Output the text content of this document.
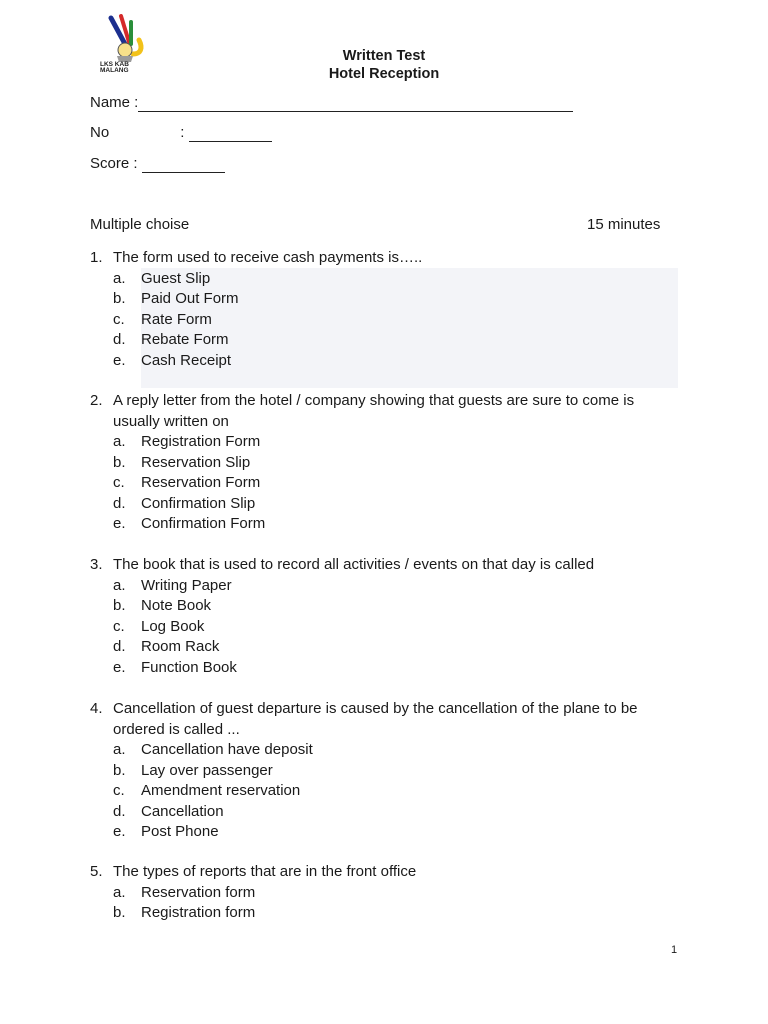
LKS KAB
MALANG
Written Test
Hotel Reception
Name :
No	:
Score :
Multiple choise	15 minutes
1. The form used to receive cash payments is…..
a. Guest Slip
b. Paid Out Form
c. Rate Form
d. Rebate Form
e. Cash Receipt
2. A reply letter from the hotel / company showing that guests are sure to come is usually written on
a. Registration Form
b. Reservation Slip
c. Reservation Form
d. Confirmation Slip
e. Confirmation Form
3. The book that is used to record all activities / events on that day is called
a. Writing Paper
b. Note Book
c. Log Book
d. Room Rack
e. Function Book
4. Cancellation of guest departure is caused by the cancellation of the plane to be ordered is called ...
a. Cancellation have deposit
b. Lay over passenger
c. Amendment reservation
d. Cancellation
e. Post Phone
5. The types of reports that are in the front office
a. Reservation form
b. Registration form
1
